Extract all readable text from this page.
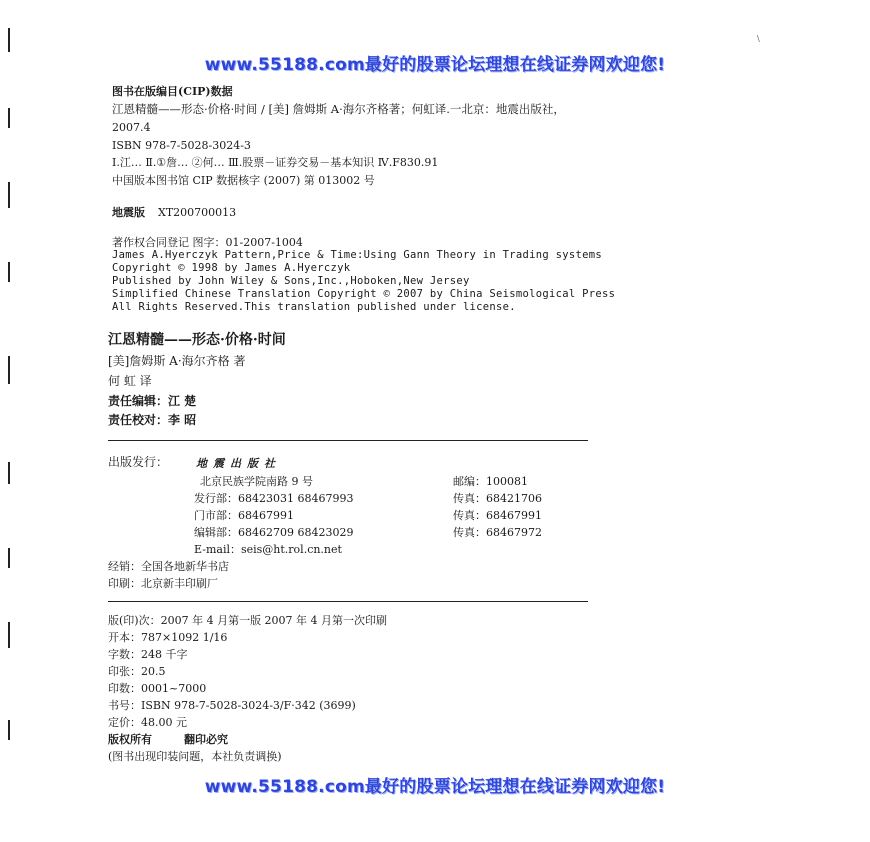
\
www.55188.com最好的股票论坛理想在线证券网欢迎您!
www.55188.com最好的股票论坛理想在线证券网欢迎您!
图书在版编目(CIP)数据
江恩精髓——形态·价格·时间 / [美] 詹姆斯 A·海尔齐格著；何虹译.一北京：地震出版社，
2007.4
ISBN 978-7-5028-3024-3
Ⅰ.江… Ⅱ.①詹… ②何… Ⅲ.股票－证券交易－基本知识 Ⅳ.F830.91
中国版本图书馆 CIP 数据核字 (2007) 第 013002 号
地震版 XT200700013
著作权合同登记 图字：01-2007-1004
James A.Hyerczyk Pattern,Price & Time:Using Gann Theory in Trading systems
Copyright © 1998 by James A.Hyerczyk
Published by John Wiley & Sons,Inc.,Hoboken,New Jersey
Simplified Chinese Translation Copyright © 2007 by China Seismological Press
All Rights Reserved.This translation published under license.
江恩精髓——形态·价格·时间
[美]詹姆斯 A·海尔齐格 著
何 虹 译
责任编辑：江 楚
责任校对：李 昭
出版发行：	地震出版社
北京民族学院南路 9 号	邮编：100081
发行部：68423031 68467993	传真：68421706
门市部：68467991	传真：68467991
编辑部：68462709 68423029	传真：68467972
E-mail：seis@ht.rol.cn.net
经销：全国各地新华书店
印刷：北京新丰印刷厂
版(印)次：2007 年 4 月第一版 2007 年 4 月第一次印刷
开本：787×1092 1/16
字数：248 千字
印张：20.5
印数：0001~7000
书号：ISBN 978-7-5028-3024-3/F·342 (3699)
定价：48.00 元
版权所有	翻印必究
(图书出现印装问题，本社负责调换)
